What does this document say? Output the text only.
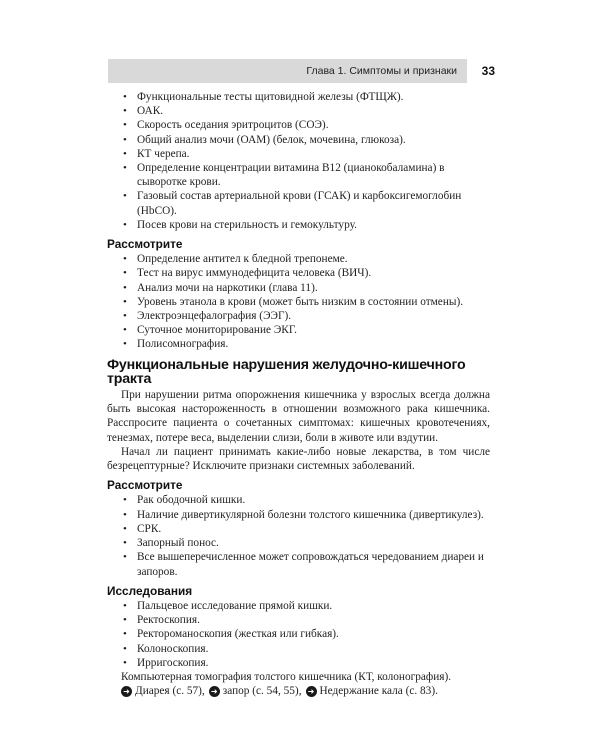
Глава 1. Симптомы и признаки	33
• Функциональные тесты щитовидной железы (ФТЩЖ).
• ОАК.
• Скорость оседания эритроцитов (СОЭ).
• Общий анализ мочи (ОАМ) (белок, мочевина, глюкоза).
• КТ черепа.
• Определение концентрации витамина B12 (цианокобаламина) в сыворотке крови.
• Газовый состав артериальной крови (ГСАК) и карбоксигемоглобин (HbCO).
• Посев крови на стерильность и гемокультуру.
Рассмотрите
• Определение антител к бледной трепонеме.
• Тест на вирус иммунодефицита человека (ВИЧ).
• Анализ мочи на наркотики (глава 11).
• Уровень этанола в крови (может быть низким в состоянии отмены).
• Электроэнцефалография (ЭЭГ).
• Суточное мониторирование ЭКГ.
• Полисомнография.
Функциональные нарушения желудочно-кишечного тракта

При нарушении ритма опорожнения кишечника у взрослых всегда должна быть высокая настороженность в отношении возможного рака кишечника. Расспросите пациента о сочетанных симптомах: кишечных кровотечениях, тенезмах, потере веса, выделении слизи, боли в животе или вздутии.

Начал ли пациент принимать какие-либо новые лекарства, в том числе безрецептурные? Исключите признаки системных заболеваний.

Рассмотрите
• Рак ободочной кишки.
• Наличие дивертикулярной болезни толстого кишечника (дивертикулез).
• СРК.
• Запорный понос.
• Все вышеперечисленное может сопровождаться чередованием диареи и запоров.
Исследования
• Пальцевое исследование прямой кишки.
• Ректоскопия.
• Ректороманоскопия (жесткая или гибкая).
• Колоноскопия.
• Ирригоскопия.

Компьютерная томография толстого кишечника (КТ, колонография).

➜ Диарея (с. 57), ➜ запор (с. 54, 55), ➜ Недержание кала (с. 83).
